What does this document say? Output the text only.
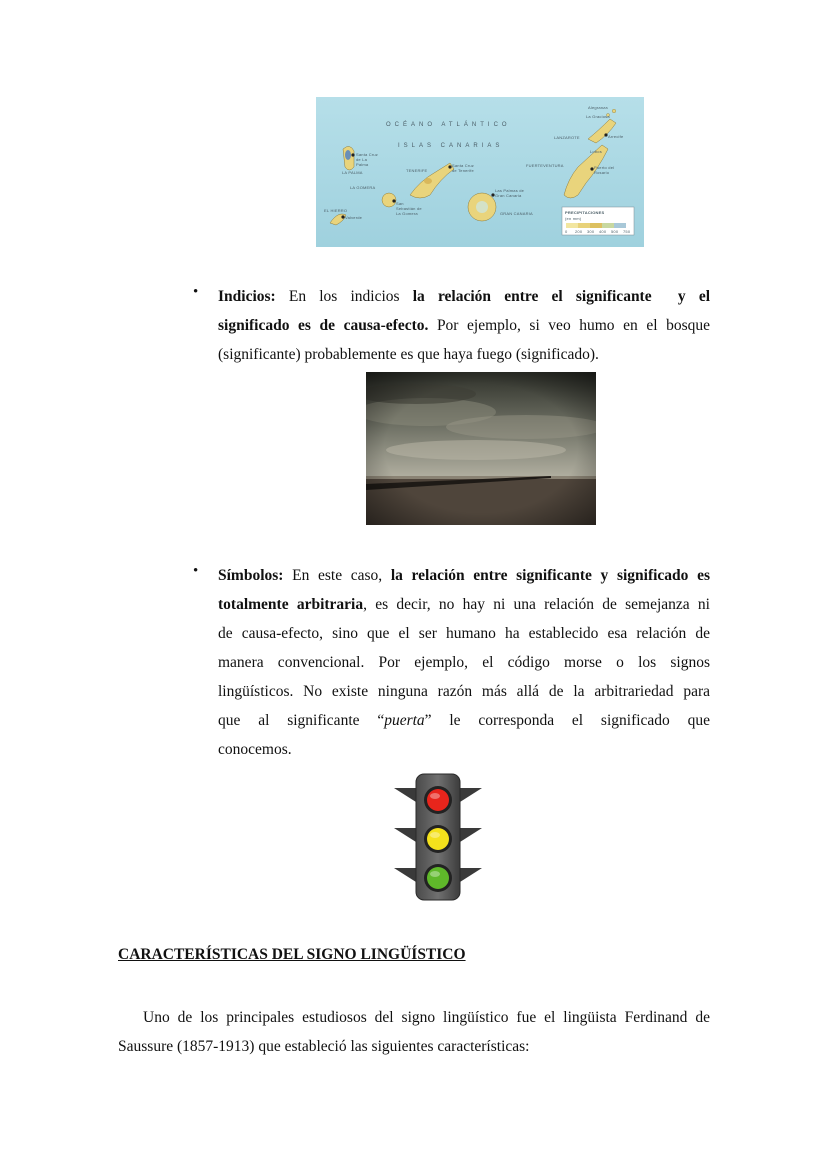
OCÉANO ATLÁNTICO
ISLAS CANARIAS
Santa Cruz de La Palma
LA PALMA	TENERIFE
Santa Cruz de Tenerife
LA GOMERA
San Sebastián de La Gomera
EL HIERRO
Valverde
Las Palmas de Gran Canaria
GRAN CANARIA
FUERTEVENTURA	Puerto del Rosario
LANZAROTE	Arrecife
La Graciosa
Alegranza
Lobos
PRECIPITACIONES
(en mm)
0 200 300 400 500 750
• Indicios: En los indicios la relación entre el significante y el
significado es de causa-efecto. Por ejemplo, si veo humo en el bosque
(significante) probablemente es que haya fuego (significado).
• Símbolos: En este caso, la relación entre significante y significado es
totalmente arbitraria, es decir, no hay ni una relación de semejanza ni
de causa-efecto, sino que el ser humano ha establecido esa relación de
manera convencional. Por ejemplo, el código morse o los signos
lingüísticos. No existe ninguna razón más allá de la arbitrariedad para
que al significante “puerta” le corresponda el significado que
conocemos.
CARACTERÍSTICAS DEL SIGNO LINGÜÍSTICO

Uno de los principales estudiosos del signo lingüístico fue el lingüista Ferdinand de Saussure (1857-1913) que estableció las siguientes características:
